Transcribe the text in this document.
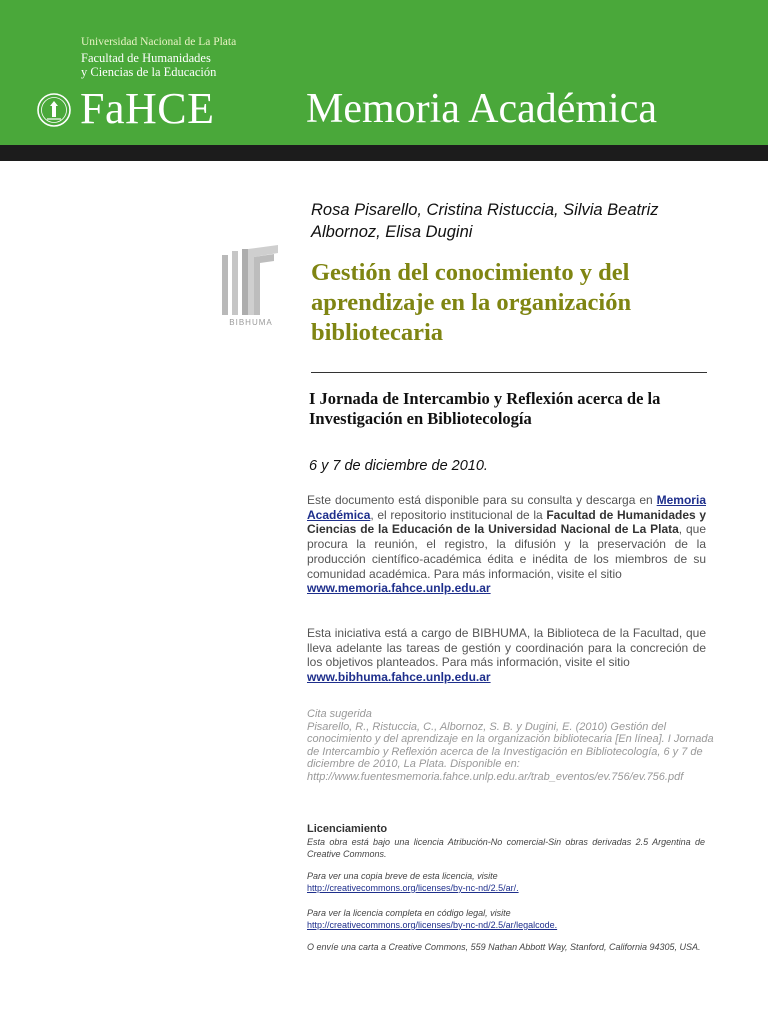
Universidad Nacional de La Plata
Facultad de Humanidades
y Ciencias de la Educación
FaHCE Memoria Académica
BIBHUMA
Rosa Pisarello, Cristina Ristuccia, Silvia Beatriz Albornoz, Elisa Dugini
Gestión del conocimiento y del aprendizaje en la organización bibliotecaria
I Jornada de Intercambio y Reflexión acerca de la Investigación en Bibliotecología
6 y 7 de diciembre de 2010.
Este documento está disponible para su consulta y descarga en Memoria Académica, el repositorio institucional de la Facultad de Humanidades y Ciencias de la Educación de la Universidad Nacional de La Plata, que procura la reunión, el registro, la difusión y la preservación de la producción científico-académica édita e inédita de los miembros de su comunidad académica. Para más información, visite el sitio
www.memoria.fahce.unlp.edu.ar
Esta iniciativa está a cargo de BIBHUMA, la Biblioteca de la Facultad, que lleva adelante las tareas de gestión y coordinación para la concreción de los objetivos planteados. Para más información, visite el sitio
www.bibhuma.fahce.unlp.edu.ar
Cita sugerida
Pisarello, R., Ristuccia, C., Albornoz, S. B. y Dugini, E. (2010) Gestión del conocimiento y del aprendizaje en la organización bibliotecaria [En línea]. I Jornada de Intercambio y Reflexión acerca de la Investigación en Bibliotecología, 6 y 7 de diciembre de 2010, La Plata. Disponible en:
http://www.fuentesmemoria.fahce.unlp.edu.ar/trab_eventos/ev.756/ev.756.pdf
Licenciamiento
Esta obra está bajo una licencia Atribución-No comercial-Sin obras derivadas 2.5 Argentina de Creative Commons.
Para ver una copia breve de esta licencia, visite
http://creativecommons.org/licenses/by-nc-nd/2.5/ar/.
Para ver la licencia completa en código legal, visite
http://creativecommons.org/licenses/by-nc-nd/2.5/ar/legalcode.
O envíe una carta a Creative Commons, 559 Nathan Abbott Way, Stanford, California 94305, USA.
